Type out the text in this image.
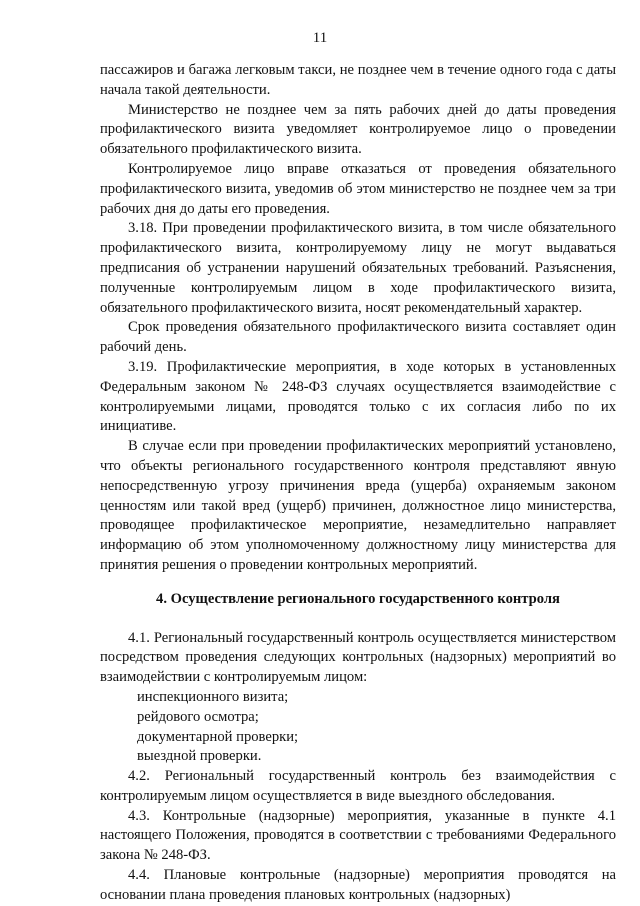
11

пассажиров и багажа легковым такси, не позднее чем в течение одного года с даты начала такой деятельности.

Министерство не позднее чем за пять рабочих дней до даты проведения профилактического визита уведомляет контролируемое лицо о проведении обязательного профилактического визита.

Контролируемое лицо вправе отказаться от проведения обязательного профилактического визита, уведомив об этом министерство не позднее чем за три рабочих дня до даты его проведения.

3.18. При проведении профилактического визита, в том числе обязательного профилактического визита, контролируемому лицу не могут выдаваться предписания об устранении нарушений обязательных требований. Разъяснения, полученные контролируемым лицом в ходе профилактического визита, обязательного профилактического визита, носят рекомендательный характер.

Срок проведения обязательного профилактического визита составляет один рабочий день.

3.19. Профилактические мероприятия, в ходе которых в установленных Федеральным законом № 248-ФЗ случаях осуществляется взаимодействие с контролируемыми лицами, проводятся только с их согласия либо по их инициативе.

В случае если при проведении профилактических мероприятий установлено, что объекты регионального государственного контроля представляют явную непосредственную угрозу причинения вреда (ущерба) охраняемым законом ценностям или такой вред (ущерб) причинен, должностное лицо министерства, проводящее профилактическое мероприятие, незамедлительно направляет информацию об этом уполномоченному должностному лицу министерства для принятия решения о проведении контрольных мероприятий.

4. Осуществление регионального государственного контроля

4.1. Региональный государственный контроль осуществляется министерством посредством проведения следующих контрольных (надзорных) мероприятий во взаимодействии с контролируемым лицом:

инспекционного визита;

рейдового осмотра;

документарной проверки;

выездной проверки.

4.2. Региональный государственный контроль без взаимодействия с контролируемым лицом осуществляется в виде выездного обследования.

4.3. Контрольные (надзорные) мероприятия, указанные в пункте 4.1 настоящего Положения, проводятся в соответствии с требованиями Федерального закона № 248-ФЗ.

4.4. Плановые контрольные (надзорные) мероприятия проводятся на основании плана проведения плановых контрольных (надзорных)
